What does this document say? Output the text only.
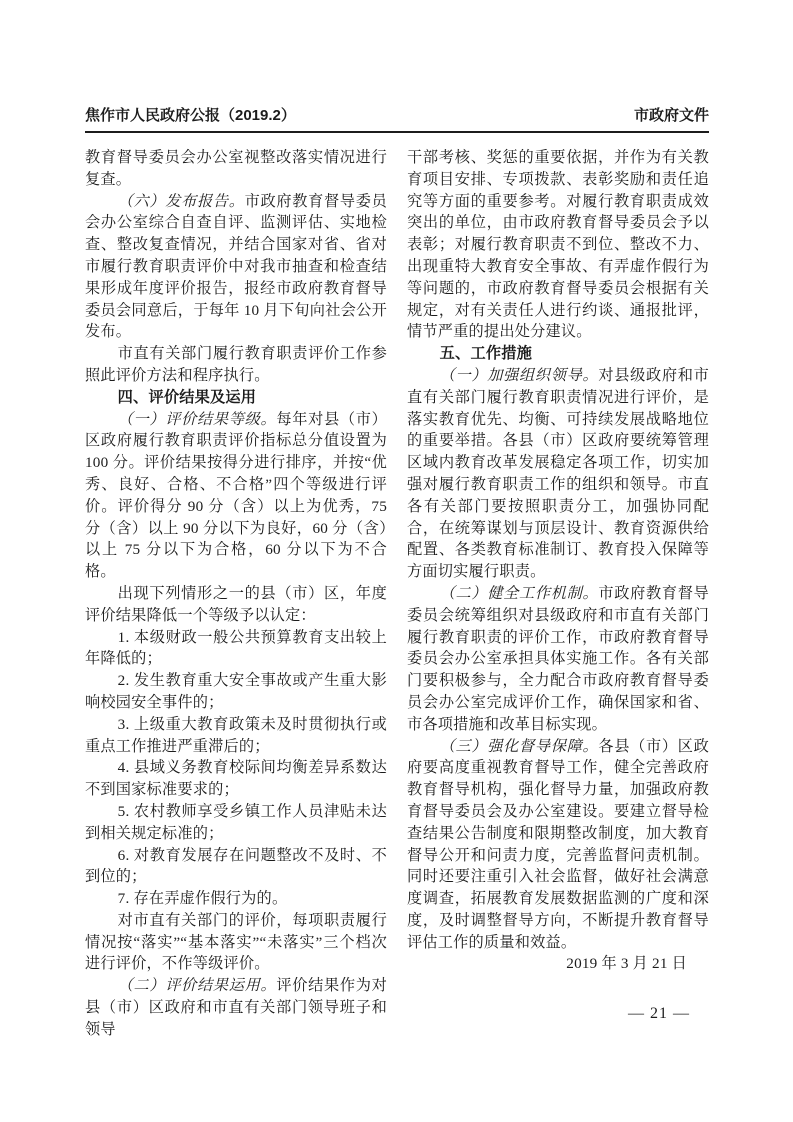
焦作市人民政府公报（2019.2）	市政府文件

教育督导委员会办公室视整改落实情况进行复查。

（六）发布报告。市政府教育督导委员会办公室综合自查自评、监测评估、实地检查、整改复查情况，并结合国家对省、省对市履行教育职责评价中对我市抽查和检查结果形成年度评价报告，报经市政府教育督导委员会同意后，于每年 10 月下旬向社会公开发布。

市直有关部门履行教育职责评价工作参照此评价方法和程序执行。

四、评价结果及运用

（一）评价结果等级。每年对县（市）区政府履行教育职责评价指标总分值设置为 100 分。评价结果按得分进行排序，并按“优秀、良好、合格、不合格”四个等级进行评价。评价得分 90 分（含）以上为优秀，75 分（含）以上 90 分以下为良好，60 分（含）以上 75 分以下为合格，60 分以下为不合格。

出现下列情形之一的县（市）区，年度评价结果降低一个等级予以认定：

1. 本级财政一般公共预算教育支出较上年降低的；

2. 发生教育重大安全事故或产生重大影响校园安全事件的；

3. 上级重大教育政策未及时贯彻执行或重点工作推进严重滞后的；

4. 县域义务教育校际间均衡差异系数达不到国家标准要求的；

5. 农村教师享受乡镇工作人员津贴未达到相关规定标准的；

6. 对教育发展存在问题整改不及时、不到位的；

7. 存在弄虚作假行为的。

对市直有关部门的评价，每项职责履行情况按“落实”“基本落实”“未落实”三个档次进行评价，不作等级评价。

（二）评价结果运用。评价结果作为对县（市）区政府和市直有关部门领导班子和领导

干部考核、奖惩的重要依据，并作为有关教育项目安排、专项拨款、表彰奖励和责任追究等方面的重要参考。对履行教育职责成效突出的单位，由市政府教育督导委员会予以表彰；对履行教育职责不到位、整改不力、出现重特大教育安全事故、有弄虚作假行为等问题的，市政府教育督导委员会根据有关规定，对有关责任人进行约谈、通报批评，情节严重的提出处分建议。

五、工作措施

（一）加强组织领导。对县级政府和市直有关部门履行教育职责情况进行评价，是落实教育优先、均衡、可持续发展战略地位的重要举措。各县（市）区政府要统筹管理区域内教育改革发展稳定各项工作，切实加强对履行教育职责工作的组织和领导。市直各有关部门要按照职责分工，加强协同配合，在统筹谋划与顶层设计、教育资源供给配置、各类教育标准制订、教育投入保障等方面切实履行职责。

（二）健全工作机制。市政府教育督导委员会统筹组织对县级政府和市直有关部门履行教育职责的评价工作，市政府教育督导委员会办公室承担具体实施工作。各有关部门要积极参与，全力配合市政府教育督导委员会办公室完成评价工作，确保国家和省、市各项措施和改革目标实现。

（三）强化督导保障。各县（市）区政府要高度重视教育督导工作，健全完善政府教育督导机构，强化督导力量，加强政府教育督导委员会及办公室建设。要建立督导检查结果公告制度和限期整改制度，加大教育督导公开和问责力度，完善监督问责机制。同时还要注重引入社会监督，做好社会满意度调查，拓展教育发展数据监测的广度和深度，及时调整督导方向，不断提升教育督导评估工作的质量和效益。

2019 年 3 月 21 日

— 21 —
